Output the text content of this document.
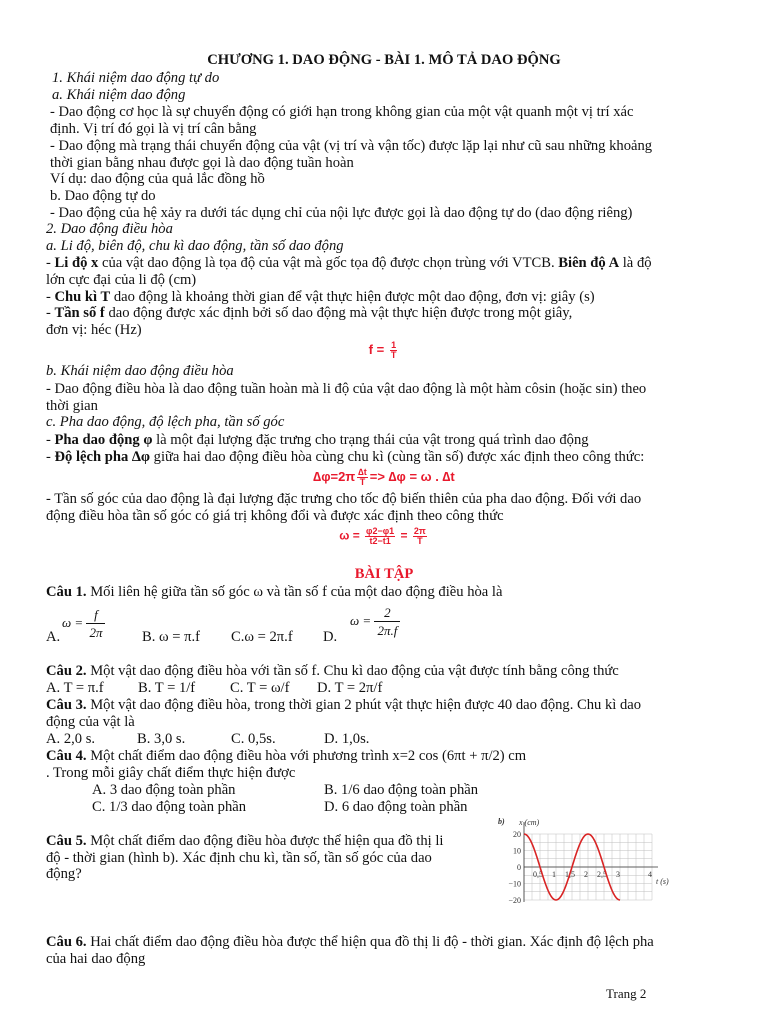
CHƯƠNG 1. DAO ĐỘNG - BÀI 1. MÔ TẢ DAO ĐỘNG
1. Khái niệm dao động tự do
a. Khái niệm dao động
- Dao động cơ học là sự chuyển động có giới hạn trong không gian của một vật quanh một vị trí xác
định. Vị trí đó gọi là vị trí cân bằng
- Dao động mà trạng thái chuyển động của vật (vị trí và vận tốc) được lặp lại như cũ sau những khoảng
thời gian bằng nhau được gọi là dao động tuần hoàn
Ví dụ: dao động của quả lắc đồng hồ
b. Dao động tự do
- Dao động của hệ xảy ra dưới tác dụng chỉ của nội lực được gọi là dao động tự do (dao động riêng)
2. Dao động điều hòa
a. Li độ, biên độ, chu kì dao động, tần số dao động
- Li độ x của vật dao động là tọa độ của vật mà gốc tọa độ được chọn trùng với VTCB. Biên độ A là độ
lớn cực đại của li độ (cm)
- Chu kì T dao động là khoảng thời gian để vật thực hiện được một dao động, đơn vị: giây (s)
- Tần số f dao động được xác định bởi số dao động mà vật thực hiện được trong một giây,
đơn vị: héc (Hz)
$f = \frac{1}{T}$
b. Khái niệm dao động điều hòa
- Dao động điều hòa là dao động tuần hoàn mà li độ của vật dao động là một hàm côsin (hoặc sin) theo
thời gian
c. Pha dao động, độ lệch pha, tần số góc
- Pha dao động φ là một đại lượng đặc trưng cho trạng thái của vật trong quá trình dao động
- Độ lệch pha ∆φ giữa hai dao động điều hòa cùng chu kì (cùng tần số) được xác định theo công thức:
$\Delta\varphi=2\pi \frac{\Delta t}{T} => \Delta\varphi = \omega$ . ∆t
- Tần số góc của dao động là đại lượng đặc trưng cho tốc độ biến thiên của pha dao động. Đối với dao
động điều hòa tần số góc có giá trị không đổi và được xác định theo công thức
$\omega = \frac{\varphi 2-\varphi 1}{t2-t1} = \frac{2\pi}{T}$
BÀI TẬP
Câu 1. Mối liên hệ giữa tần số góc ω và tần số f của một dao động điều hòa là
$\omega = \frac{f}{2\pi}$
A.	B. ω = π.f C.ω = 2π.f D.
$\omega = \frac{2}{2\pi.f}$
Câu 2. Một vật dao động điều hòa với tần số f. Chu kì dao động của vật được tính bằng công thức
A. T = π.f B. T = 1/f C. T = ω/f D. T = 2π/f
Câu 3. Một vật dao động điều hòa, trong thời gian 2 phút vật thực hiện được 40 dao động. Chu kì dao
động của vật là
A. 2,0 s.	B. 3,0 s.	C. 0,5s.	D. 1,0s.
Câu 4. Một chất điểm dao động điều hòa với phương trình x=2 cos (6πt + π/2) cm
. Trong mỗi giây chất điểm thực hiện được
A. 3 dao động toàn phần	B. 1/6 dao động toàn phần
C. 1/3 dao động toàn phần	D. 6 dao động toàn phần
Câu 5. Một chất điểm dao động điều hòa được thể hiện qua đồ thị li
độ - thời gian (hình b). Xác định chu kì, tần số, tần số góc của dao
động?
20
10
0
−10
−20
0,5 1 1,5 2 2,5 3	4
b) x (cm)
t (s)
Câu 6. Hai chất điểm dao động điều hòa được thể hiện qua đồ thị li độ - thời gian. Xác định độ lệch pha
của hai dao động
Trang 2
